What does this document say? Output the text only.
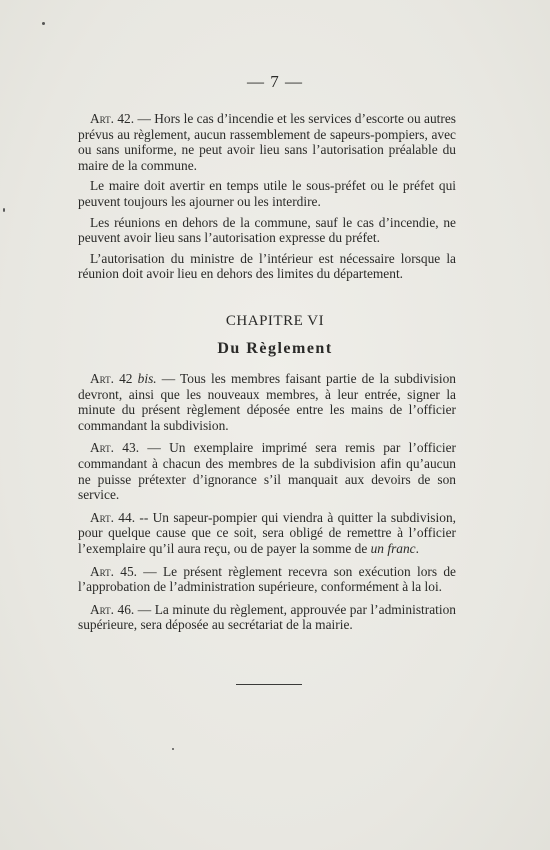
— 7 —

Art. 42. — Hors le cas d’incendie et les services d’escorte ou autres prévus au règlement, aucun rassemblement de sapeurs-pompiers, avec ou sans uniforme, ne peut avoir lieu sans l’autorisation préalable du maire de la commune.

Le maire doit avertir en temps utile le sous-préfet ou le préfet qui peuvent toujours les ajourner ou les interdire.

Les réunions en dehors de la commune, sauf le cas d’incendie, ne peuvent avoir lieu sans l’autorisation expresse du préfet.

L’autorisation du ministre de l’intérieur est nécessaire lorsque la réunion doit avoir lieu en dehors des limites du département.

CHAPITRE VI
Du Règlement

Art. 42 bis. — Tous les membres faisant partie de la subdivision devront, ainsi que les nouveaux membres, à leur entrée, signer la minute du présent règlement déposée entre les mains de l’officier commandant la subdivision.

Art. 43. — Un exemplaire imprimé sera remis par l’officier commandant à chacun des membres de la subdivision afin qu’aucun ne puisse prétexter d’ignorance s’il manquait aux devoirs de son service.

Art. 44. -- Un sapeur-pompier qui viendra à quitter la subdivision, pour quelque cause que ce soit, sera obligé de remettre à l’officier l’exemplaire qu’il aura reçu, ou de payer la somme de un franc.

Art. 45. — Le présent règlement recevra son exécution lors de l’approbation de l’administration supérieure, conformément à la loi.

Art. 46. — La minute du règlement, approuvée par l’administration supérieure, sera déposée au secrétariat de la mairie.
